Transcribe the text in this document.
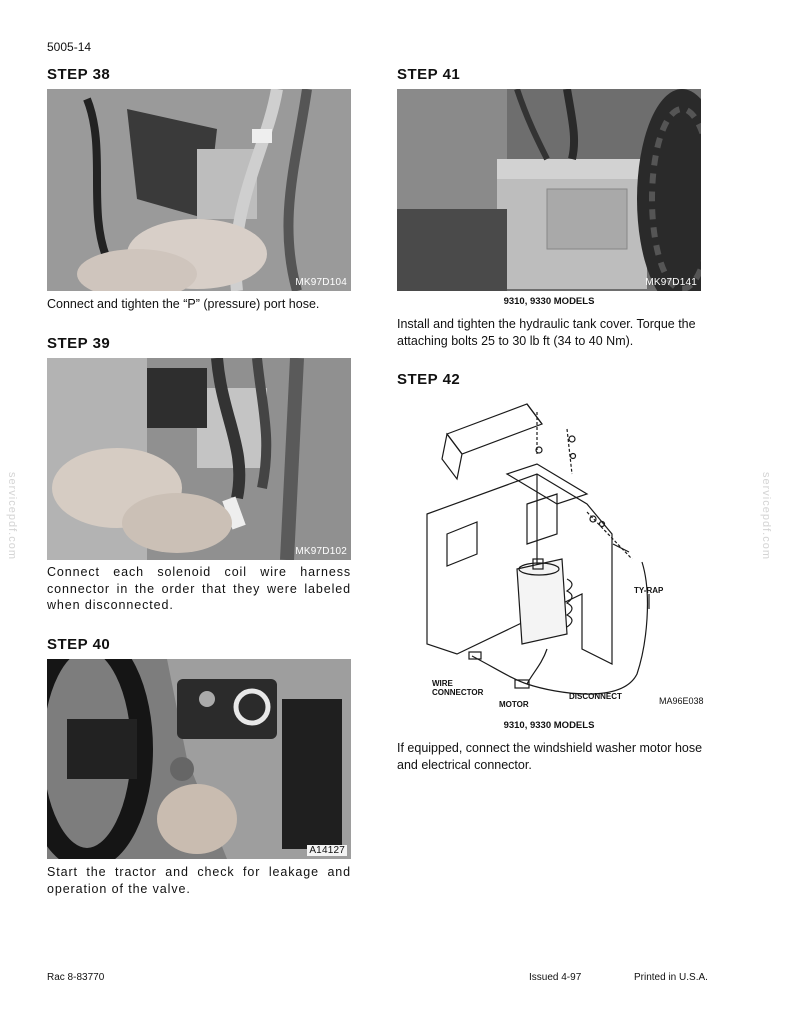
5005-14
STEP 38
MK97D104
Connect and tighten the “P” (pressure) port hose.
STEP 39
MK97D102
Connect each solenoid coil wire harness connector in the order that they were labeled when disconnected.
STEP 40
A14127
Start the tractor and check for leakage and operation of the valve.
STEP 41
MK97D141
9310, 9330 MODELS
Install and tighten the hydraulic tank cover. Torque the attaching bolts 25 to 30 lb ft (34 to 40 Nm).
STEP 42
TY-RAP
WIRE CONNECTOR
MOTOR
DISCONNECT	MA96E038
9310, 9330 MODELS
If equipped, connect the windshield washer motor hose and electrical connector.
servicepdf.com	servicepdf.com
Rac 8-83770	Issued 4-97	Printed in U.S.A.
